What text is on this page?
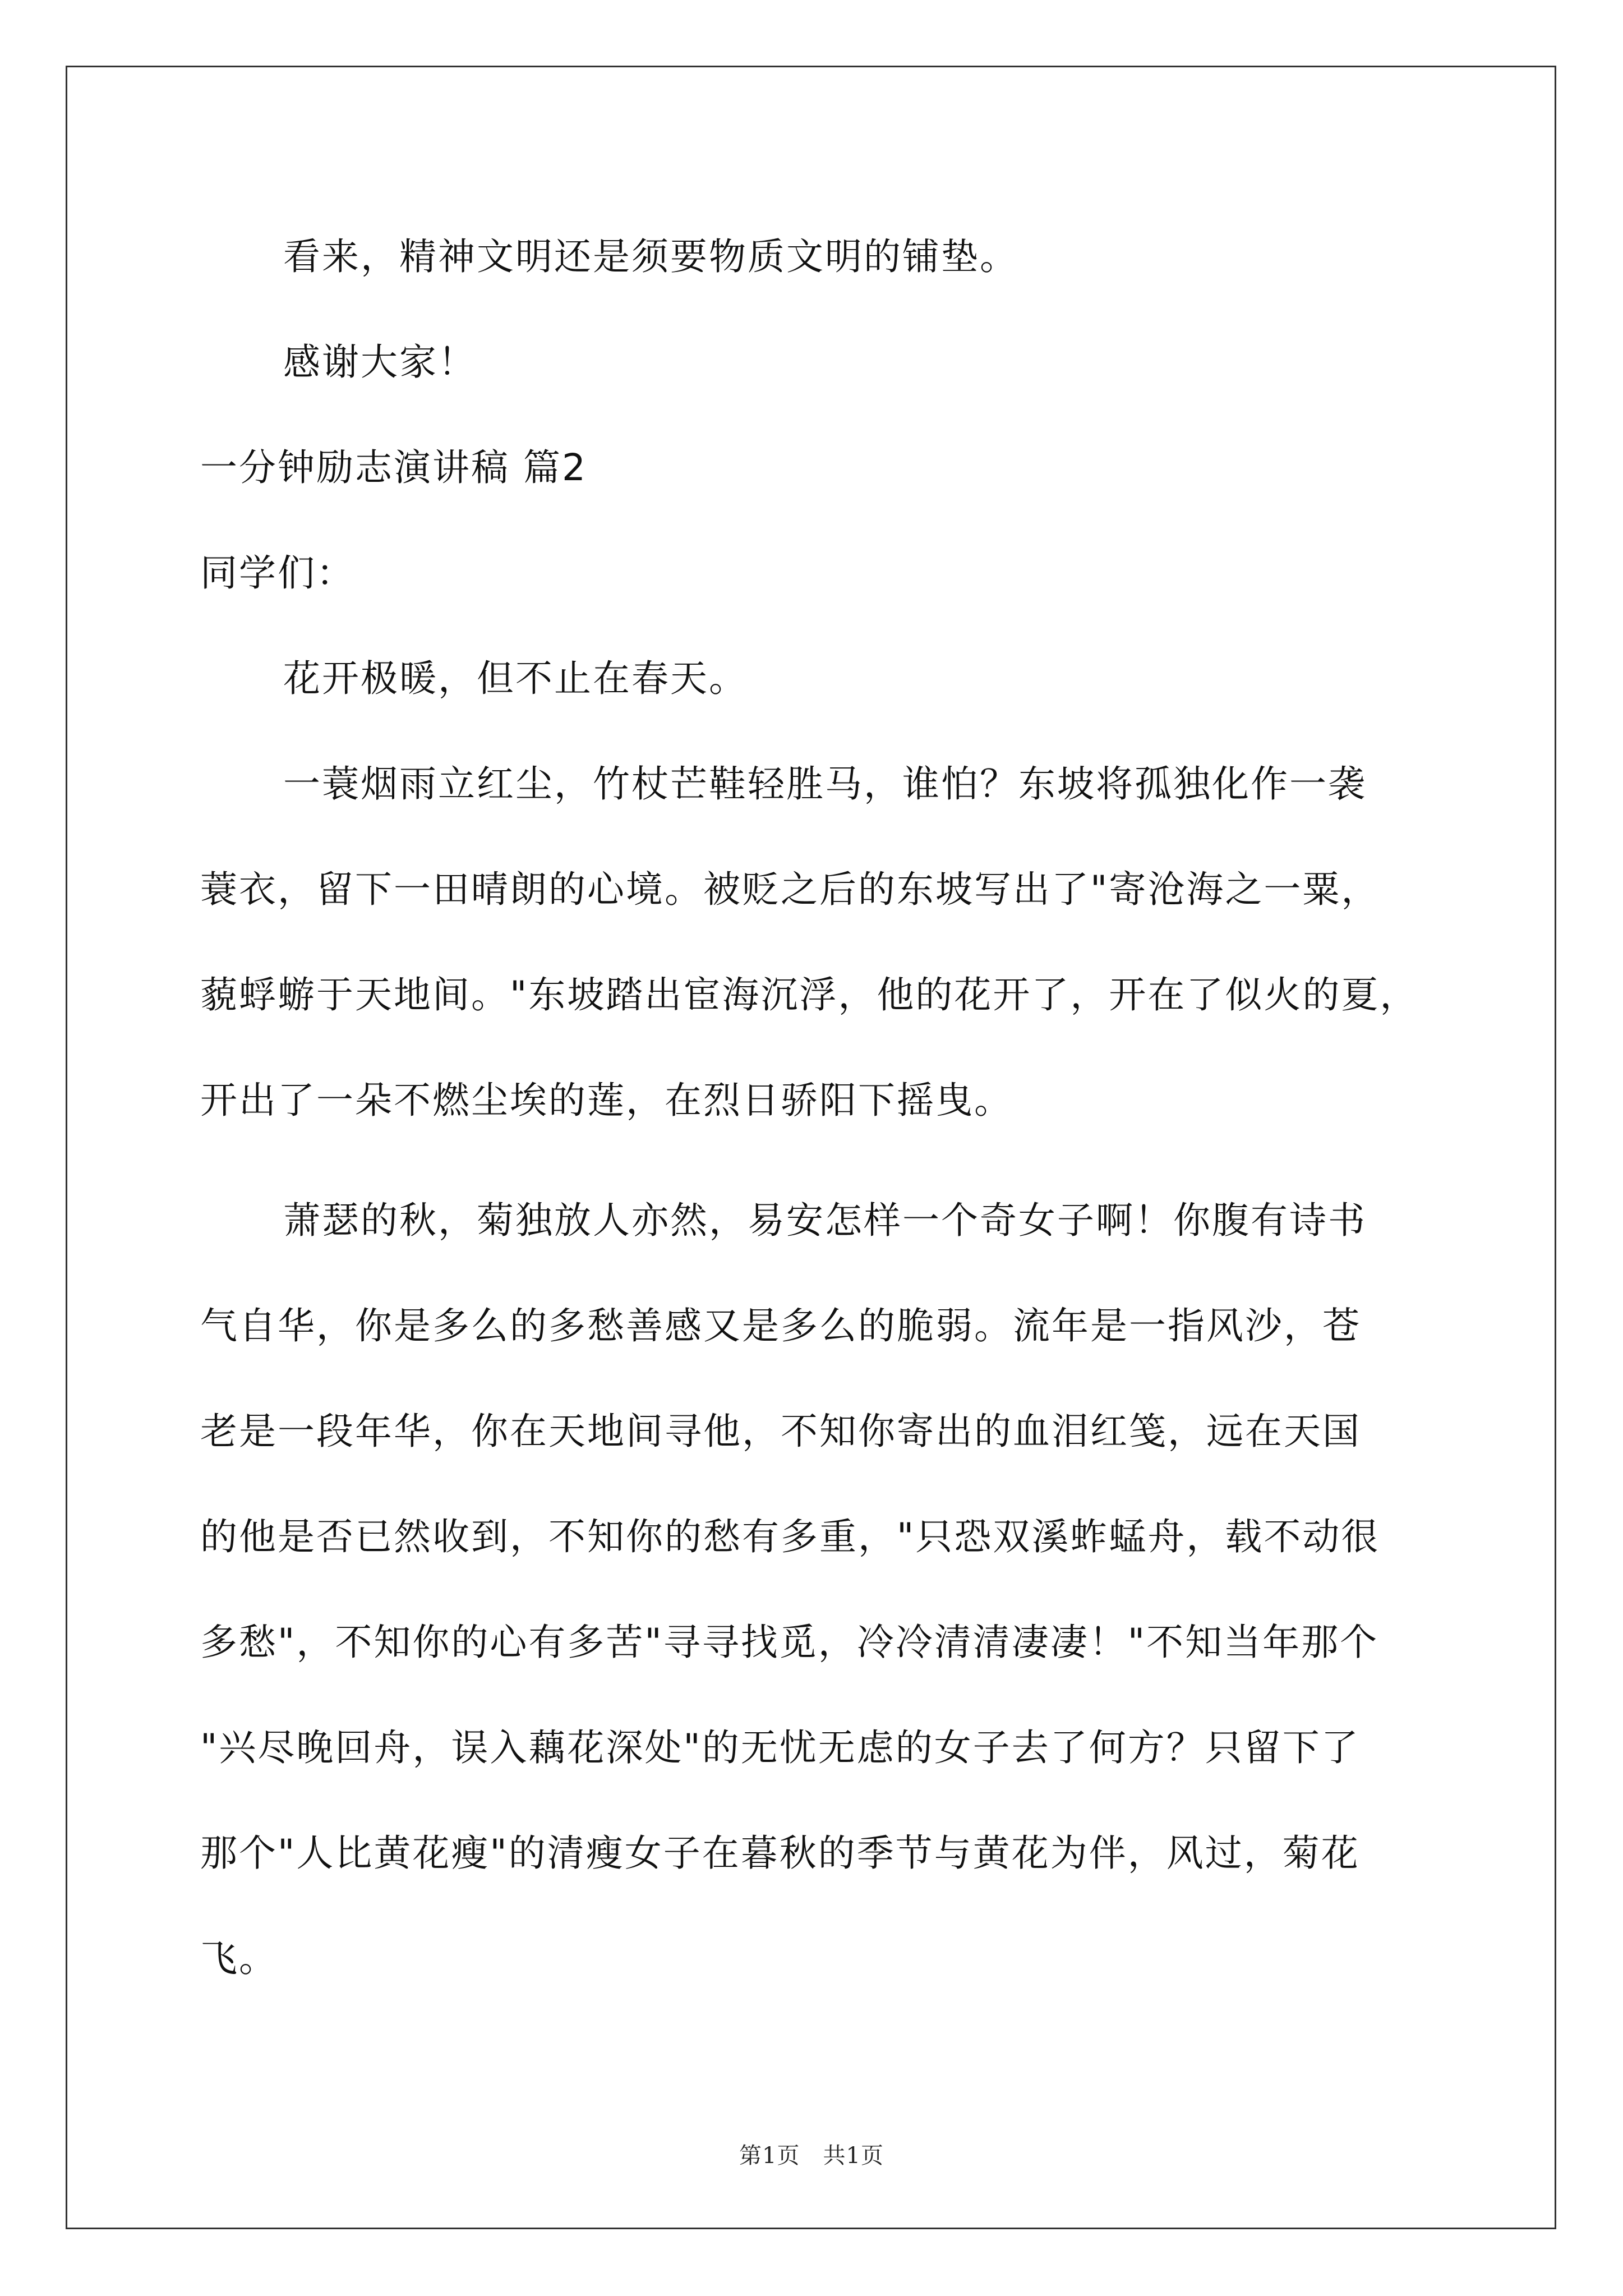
看来，精神文明还是须要物质文明的铺垫。
感谢大家！
一分钟励志演讲稿 篇2
同学们：
花开极暖，但不止在春天。
一蓑烟雨立红尘，竹杖芒鞋轻胜马，谁怕？东坡将孤独化作一袭
蓑衣，留下一田晴朗的心境。被贬之后的东坡写出了"寄沧海之一粟，
藐蜉蝣于天地间。"东坡踏出宦海沉浮，他的花开了，开在了似火的夏，
开出了一朵不燃尘埃的莲，在烈日骄阳下摇曳。
萧瑟的秋，菊独放人亦然，易安怎样一个奇女子啊！你腹有诗书
气自华，你是多么的多愁善感又是多么的脆弱。流年是一指风沙，苍
老是一段年华，你在天地间寻他，不知你寄出的血泪红笺，远在天国
的他是否已然收到，不知你的愁有多重，"只恐双溪蚱蜢舟，载不动很
多愁"，不知你的心有多苦"寻寻找觅，冷冷清清凄凄！"不知当年那个
"兴尽晚回舟，误入藕花深处"的无忧无虑的女子去了何方？只留下了
那个"人比黄花瘦"的清瘦女子在暮秋的季节与黄花为伴，风过，菊花
飞。
第1页　共1页
